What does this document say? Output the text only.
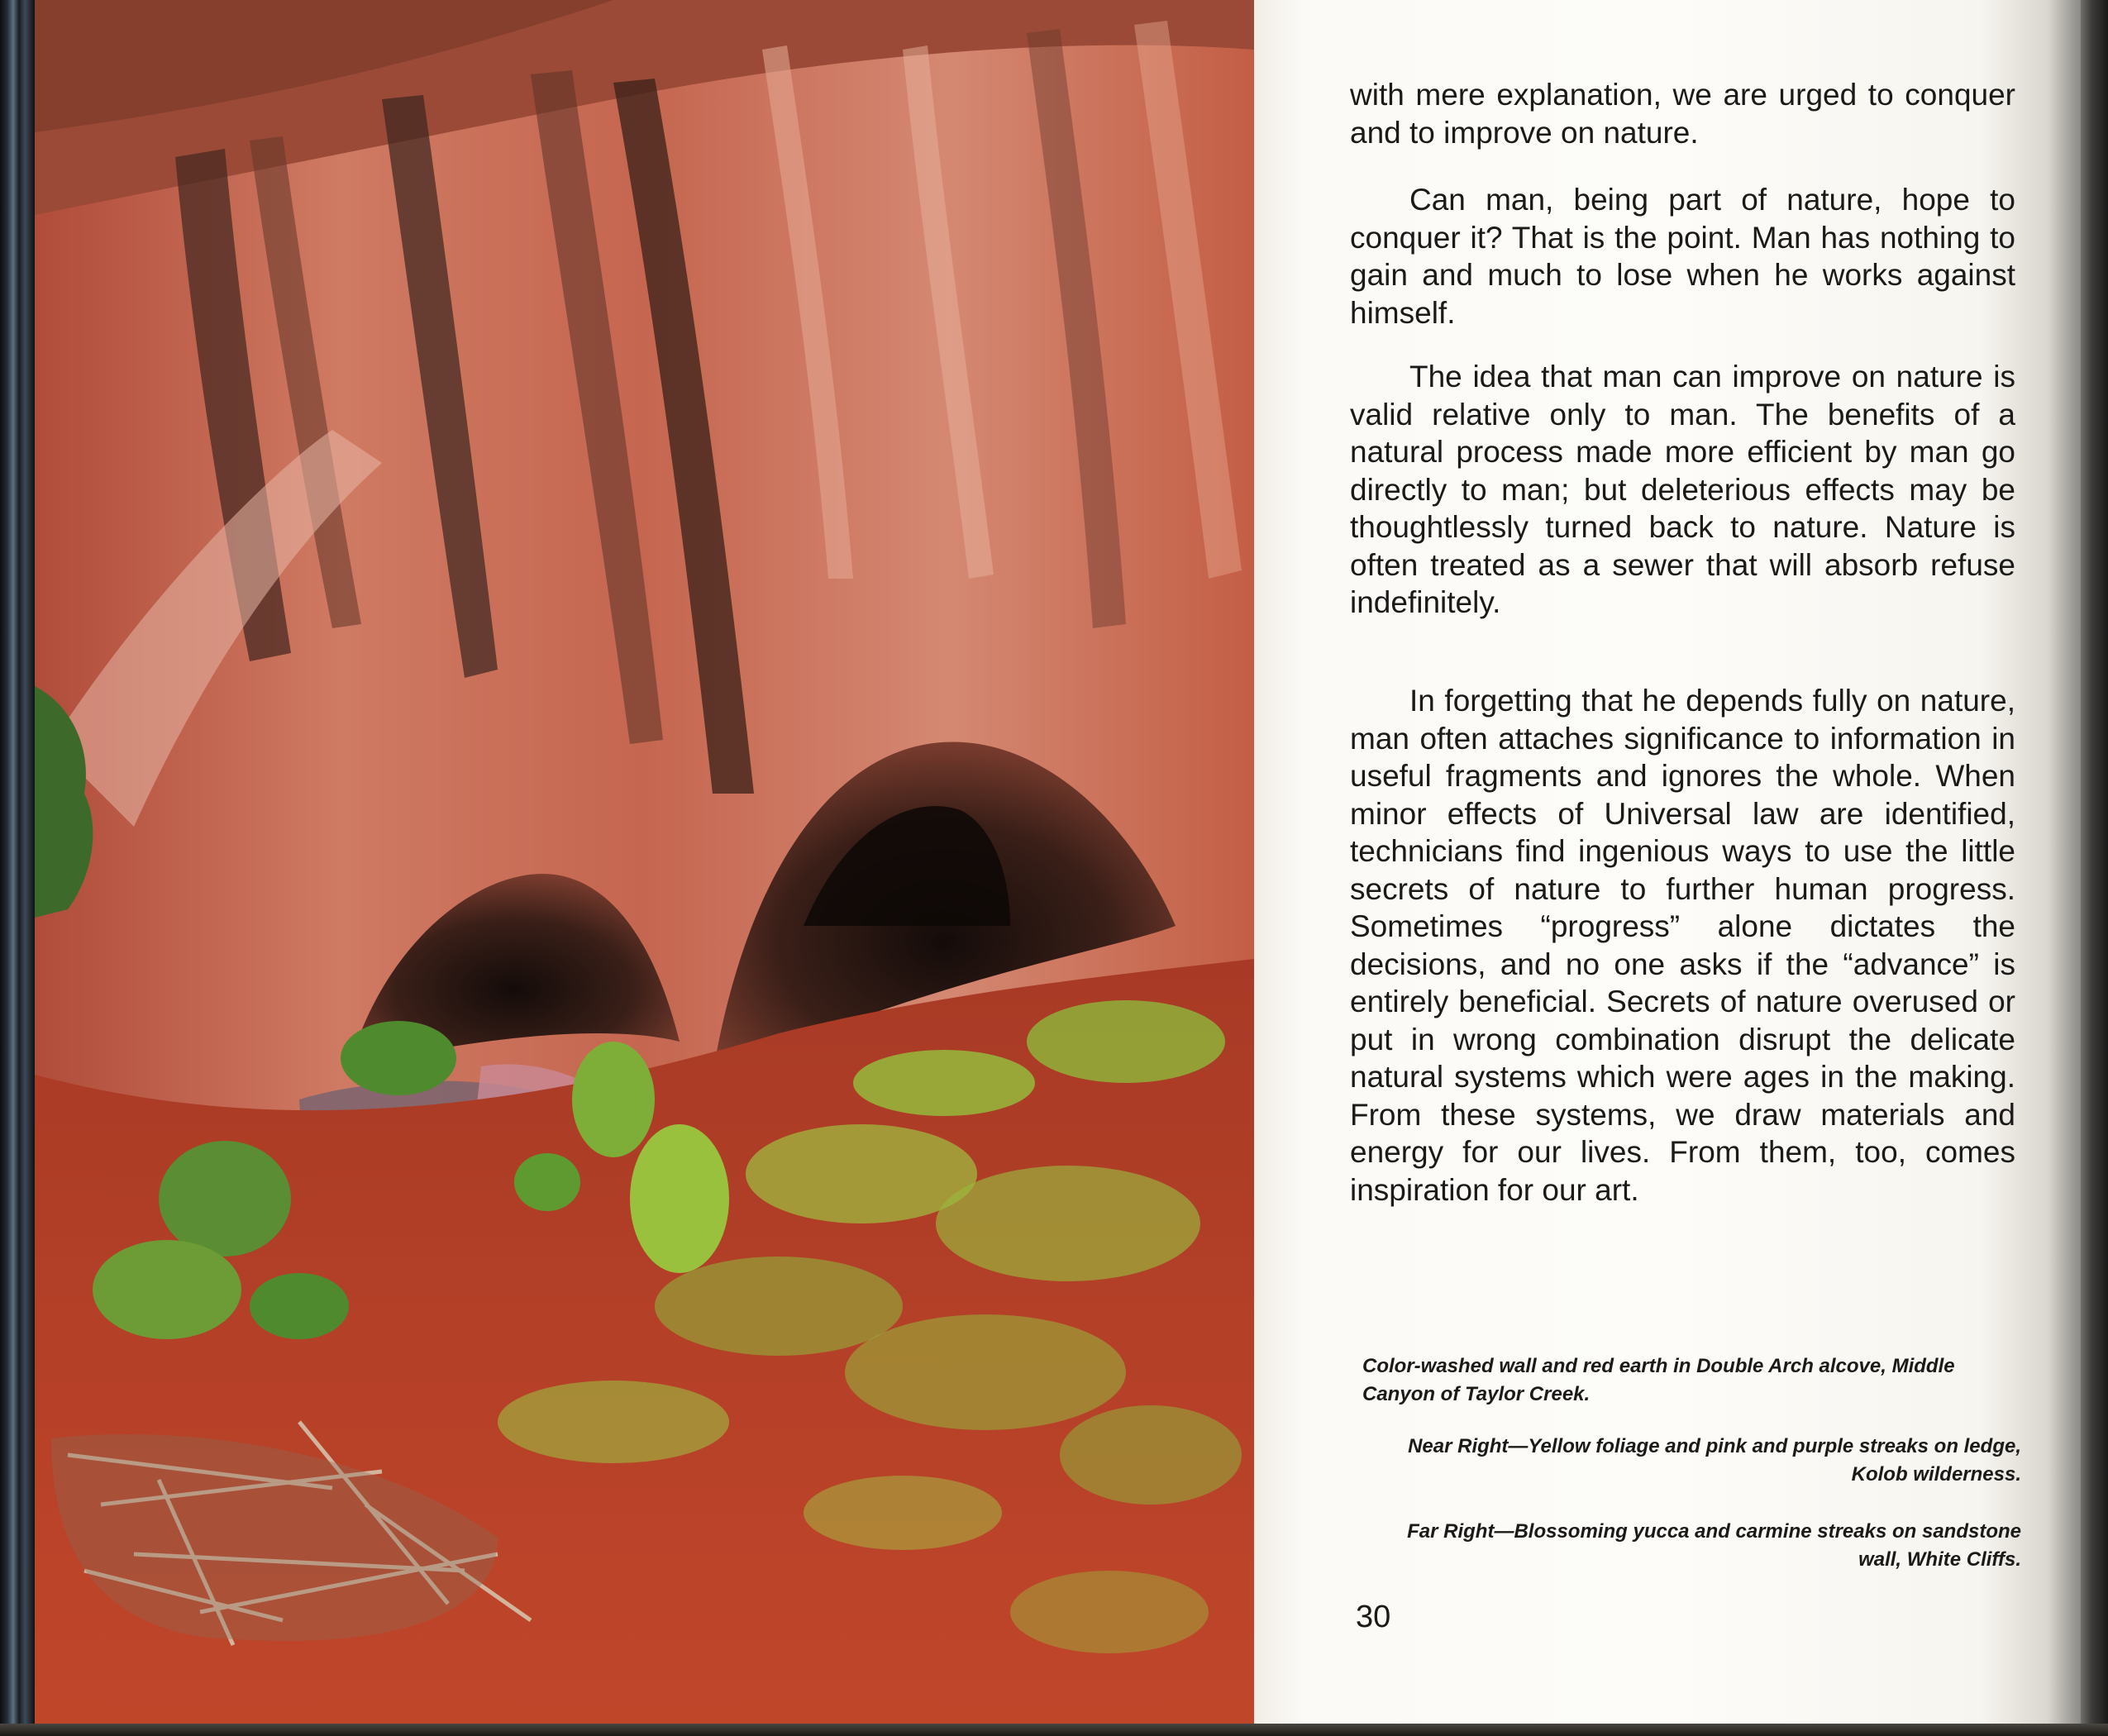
with mere explanation, we are urged to conquer and to improve on nature.

Can man, being part of nature, hope to conquer it? That is the point. Man has nothing to gain and much to lose when he works against himself.

The idea that man can improve on nature is valid relative only to man. The benefits of a natural process made more efficient by man go directly to man; but deleterious effects may be thoughtlessly turned back to nature. Nature is often treated as a sewer that will absorb refuse indefinitely.

In forgetting that he depends fully on nature, man often attaches significance to information in useful fragments and ignores the whole. When minor effects of Universal law are identified, technicians find ingenious ways to use the little secrets of nature to further human progress. Sometimes “progress” alone dictates the decisions, and no one asks if the “advance” is entirely beneficial. Secrets of nature overused or put in wrong combination disrupt the delicate natural systems which were ages in the making. From these systems, we draw materials and energy for our lives. From them, too, comes inspiration for our art.

Color-washed wall and red earth in Double Arch alcove, Middle Canyon of Taylor Creek.

Near Right—Yellow foliage and pink and purple streaks on ledge, Kolob wilderness.

Far Right—Blossoming yucca and carmine streaks on sandstone wall, White Cliffs.

30
